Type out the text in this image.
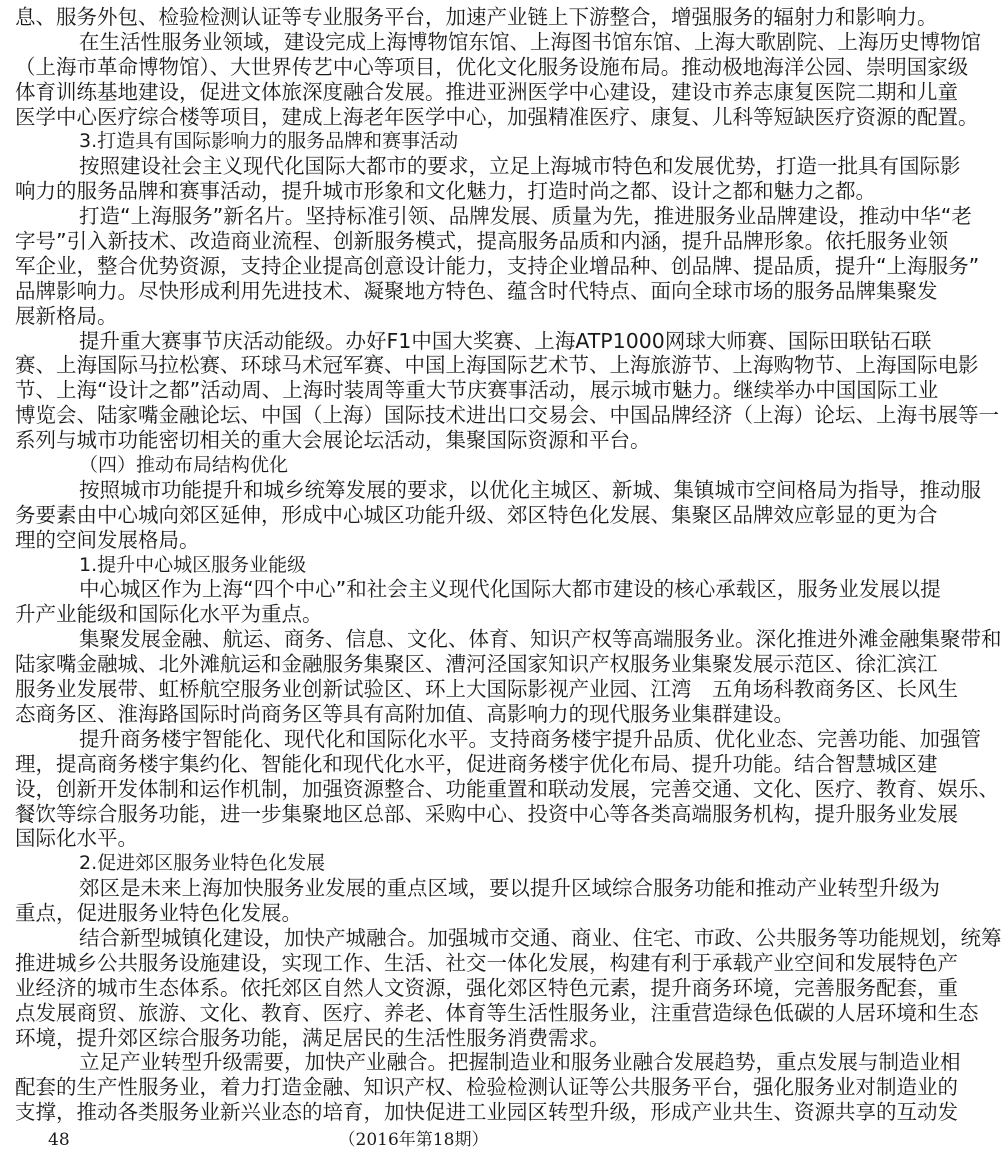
息、服务外包、检验检测认证等专业服务平台，加速产业链上下游整合，增强服务的辐射力和影响力。
在生活性服务业领域，建设完成上海博物馆东馆、上海图书馆东馆、上海大歌剧院、上海历史博物馆
（上海市革命博物馆）、大世界传艺中心等项目，优化文化服务设施布局。推动极地海洋公园、崇明国家级
体育训练基地建设，促进文体旅深度融合发展。推进亚洲医学中心建设，建设市养志康复医院二期和儿童
医学中心医疗综合楼等项目，建成上海老年医学中心，加强精准医疗、康复、儿科等短缺医疗资源的配置。
3.打造具有国际影响力的服务品牌和赛事活动
按照建设社会主义现代化国际大都市的要求，立足上海城市特色和发展优势，打造一批具有国际影
响力的服务品牌和赛事活动，提升城市形象和文化魅力，打造时尚之都、设计之都和魅力之都。
打造“上海服务”新名片。坚持标准引领、品牌发展、质量为先，推进服务业品牌建设，推动中华“老
字号”引入新技术、改造商业流程、创新服务模式，提高服务品质和内涵，提升品牌形象。依托服务业领
军企业，整合优势资源，支持企业提高创意设计能力，支持企业增品种、创品牌、提品质，提升“上海服务”
品牌影响力。尽快形成利用先进技术、凝聚地方特色、蕴含时代特点、面向全球市场的服务品牌集聚发
展新格局。
提升重大赛事节庆活动能级。办好F1中国大奖赛、上海ATP1000网球大师赛、国际田联钻石联
赛、上海国际马拉松赛、环球马术冠军赛、中国上海国际艺术节、上海旅游节、上海购物节、上海国际电影
节、上海“设计之都”活动周、上海时装周等重大节庆赛事活动，展示城市魅力。继续举办中国国际工业
博览会、陆家嘴金融论坛、中国（上海）国际技术进出口交易会、中国品牌经济（上海）论坛、上海书展等一
系列与城市功能密切相关的重大会展论坛活动，集聚国际资源和平台。
（四）推动布局结构优化
按照城市功能提升和城乡统筹发展的要求，以优化主城区、新城、集镇城市空间格局为指导，推动服
务要素由中心城向郊区延伸，形成中心城区功能升级、郊区特色化发展、集聚区品牌效应彰显的更为合
理的空间发展格局。
1.提升中心城区服务业能级
中心城区作为上海“四个中心”和社会主义现代化国际大都市建设的核心承载区，服务业发展以提
升产业能级和国际化水平为重点。
集聚发展金融、航运、商务、信息、文化、体育、知识产权等高端服务业。深化推进外滩金融集聚带和
陆家嘴金融城、北外滩航运和金融服务集聚区、漕河泾国家知识产权服务业集聚发展示范区、徐汇滨江
服务业发展带、虹桥航空服务业创新试验区、环上大国际影视产业园、江湾　五角场科教商务区、长风生
态商务区、淮海路国际时尚商务区等具有高附加值、高影响力的现代服务业集群建设。
提升商务楼宇智能化、现代化和国际化水平。支持商务楼宇提升品质、优化业态、完善功能、加强管
理，提高商务楼宇集约化、智能化和现代化水平，促进商务楼宇优化布局、提升功能。结合智慧城区建
设，创新开发体制和运作机制，加强资源整合、功能重置和联动发展，完善交通、文化、医疗、教育、娱乐、
餐饮等综合服务功能，进一步集聚地区总部、采购中心、投资中心等各类高端服务机构，提升服务业发展
国际化水平。
2.促进郊区服务业特色化发展
郊区是未来上海加快服务业发展的重点区域，要以提升区域综合服务功能和推动产业转型升级为
重点，促进服务业特色化发展。
结合新型城镇化建设，加快产城融合。加强城市交通、商业、住宅、市政、公共服务等功能规划，统筹
推进城乡公共服务设施建设，实现工作、生活、社交一体化发展，构建有利于承载产业空间和发展特色产
业经济的城市生态体系。依托郊区自然人文资源，强化郊区特色元素，提升商务环境，完善服务配套，重
点发展商贸、旅游、文化、教育、医疗、养老、体育等生活性服务业，注重营造绿色低碳的人居环境和生态
环境，提升郊区综合服务功能，满足居民的生活性服务消费需求。
立足产业转型升级需要，加快产业融合。把握制造业和服务业融合发展趋势，重点发展与制造业相
配套的生产性服务业，着力打造金融、知识产权、检验检测认证等公共服务平台，强化服务业对制造业的
支撑，推动各类服务业新兴业态的培育，加快促进工业园区转型升级，形成产业共生、资源共享的互动发
48	（2016年第18期）
